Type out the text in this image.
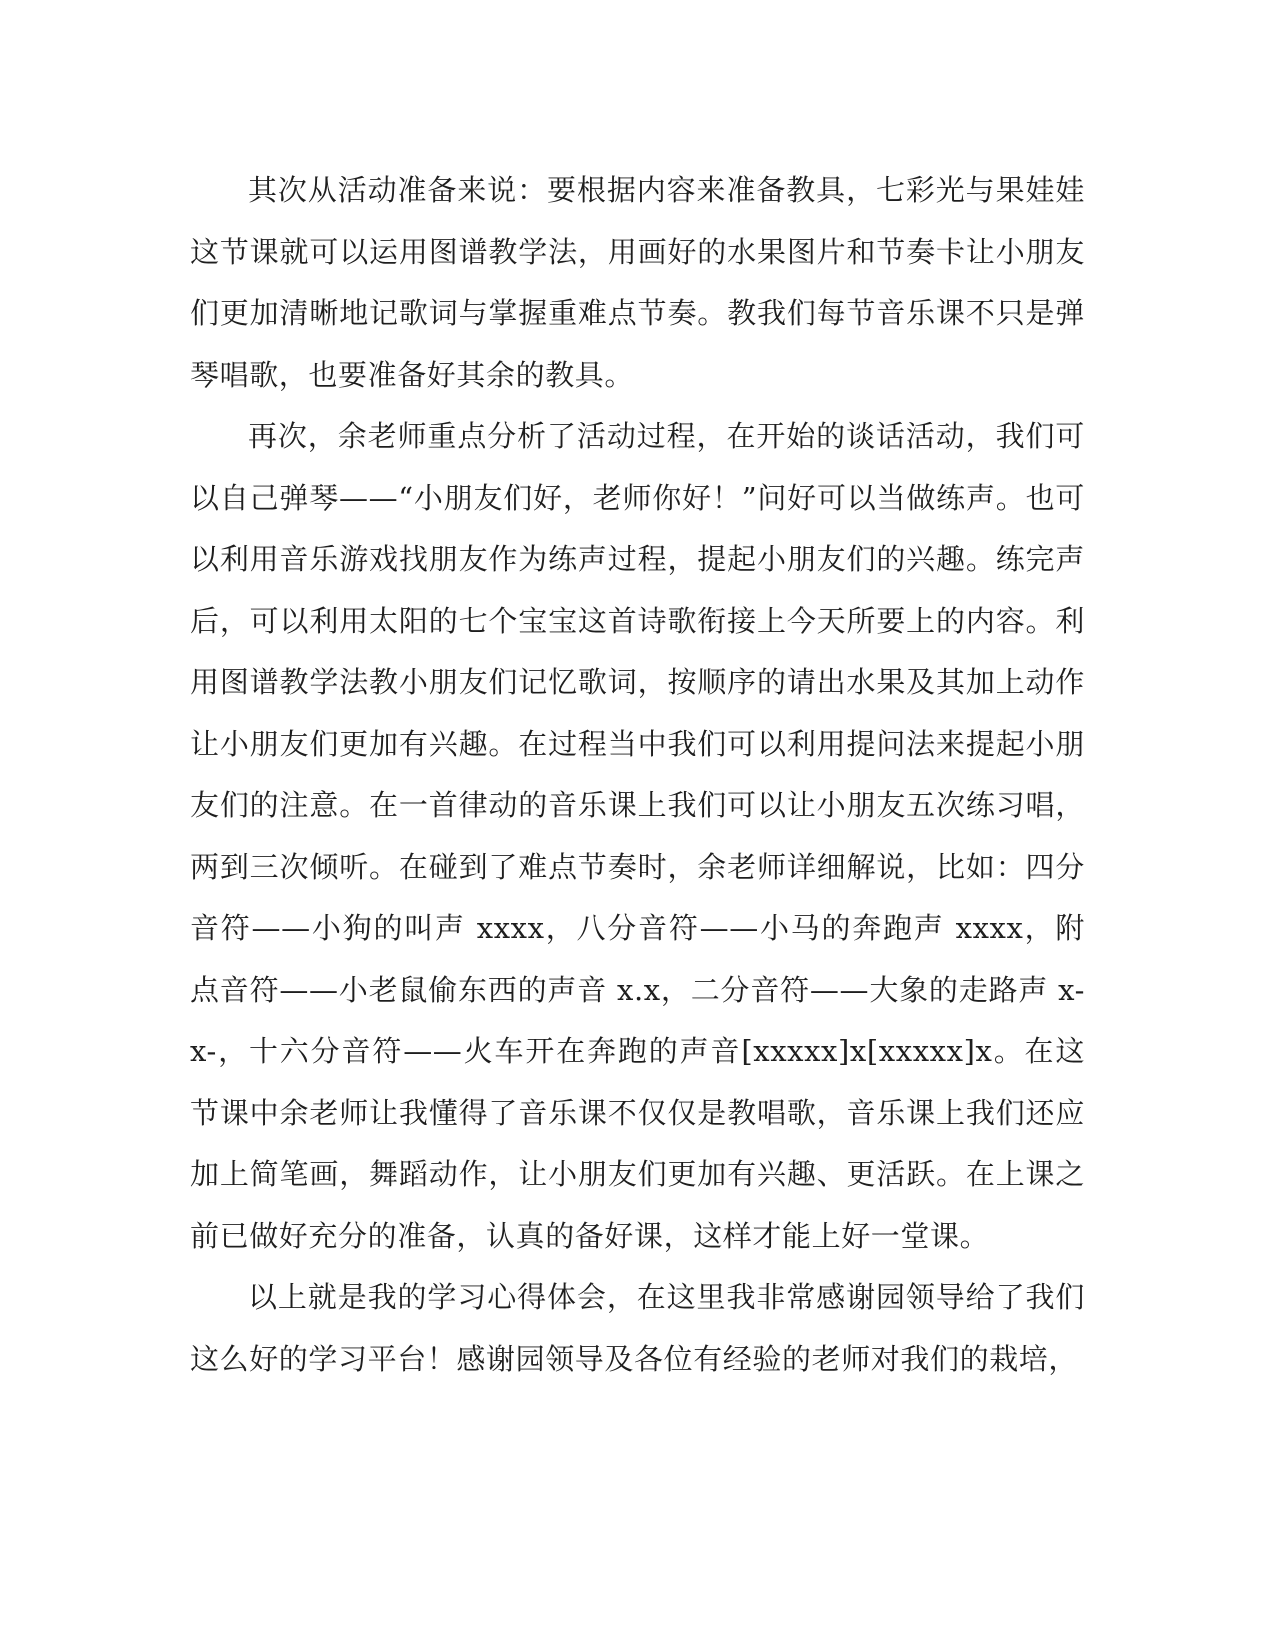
其次从活动准备来说：要根据内容来准备教具，七彩光与果娃娃这节课就可以运用图谱教学法，用画好的水果图片和节奏卡让小朋友们更加清晰地记歌词与掌握重难点节奏。教我们每节音乐课不只是弹琴唱歌，也要准备好其余的教具。

再次，余老师重点分析了活动过程，在开始的谈话活动，我们可以自己弹琴——“小朋友们好，老师你好！”问好可以当做练声。也可以利用音乐游戏找朋友作为练声过程，提起小朋友们的兴趣。练完声后，可以利用太阳的七个宝宝这首诗歌衔接上今天所要上的内容。利用图谱教学法教小朋友们记忆歌词，按顺序的请出水果及其加上动作让小朋友们更加有兴趣。在过程当中我们可以利用提问法来提起小朋友们的注意。在一首律动的音乐课上我们可以让小朋友五次练习唱，两到三次倾听。在碰到了难点节奏时，余老师详细解说，比如：四分音符——小狗的叫声 xxxx，八分音符——小马的奔跑声 xxxx，附点音符——小老鼠偷东西的声音 x.x，二分音符——大象的走路声 x-x-，十六分音符——火车开在奔跑的声音[xxxxx]x[xxxxx]x。在这节课中余老师让我懂得了音乐课不仅仅是教唱歌，音乐课上我们还应加上简笔画，舞蹈动作，让小朋友们更加有兴趣、更活跃。在上课之前已做好充分的准备，认真的备好课，这样才能上好一堂课。

以上就是我的学习心得体会，在这里我非常感谢园领导给了我们这么好的学习平台！感谢园领导及各位有经验的老师对我们的栽培，
